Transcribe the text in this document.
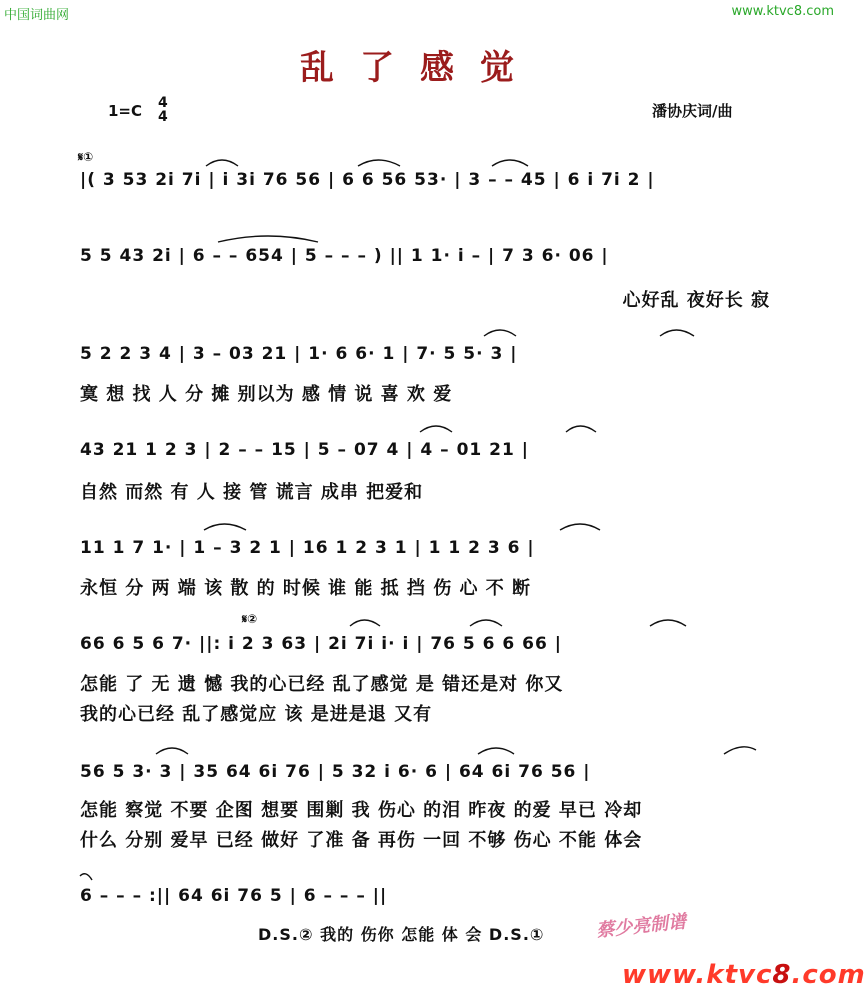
中国词曲网	www.ktvc8.com
乱了感觉
1=C 4
4	潘协庆词/曲
𝄋①
𝄋②
|( 3 53 2i 7i | i 3i 76 56 | 6 6 56 53· | 3 – – 45 | 6 i 7i 2 |
5 5 43 2i | 6 – – 654 | 5 – – – ) || 1 1· i – | 7 3 6· 06 |
心好乱 夜好长 寂
5 2 2 3 4 | 3 – 03 21 | 1· 6 6· 1 | 7· 5 5· 3 |
寞 想 找 人 分 摊 别以为 感 情 说 喜 欢 爱
43 21 1 2 3 | 2 – – 15 | 5 – 07 4 | 4 – 01 21 |
自然 而然 有 人 接 管 谎言 成串 把爱和
11 1 7 1· | 1 – 3 2 1 | 16 1 2 3 1 | 1 1 2 3 6 |
永恒 分 两 端 该 散 的 时候 谁 能 抵 挡 伤 心 不 断
66 6 5 6 7· ||: i 2 3 63 | 2i 7i i· i | 76 5 6 6 66 |
怎能 了 无 遗 憾 我的心已经 乱了感觉 是 错还是对 你又
我的心已经 乱了感觉应 该 是进是退 又有
56 5 3· 3 | 35 64 6i 76 | 5 32 i 6· 6 | 64 6i 76 56 |
怎能 察觉 不要 企图 想要 围剿 我 伤心 的泪 昨夜 的爱 早已 冷却
什么 分别 爱早 已经 做好 了准 备 再伤 一回 不够 伤心 不能 体会
6 – – – :|| 64 6i 76 5 | 6 – – – ||
D.S.② 我的 伤你 怎能 体 会 D.S.①	蔡少亮制谱
www.ktvc8.com
